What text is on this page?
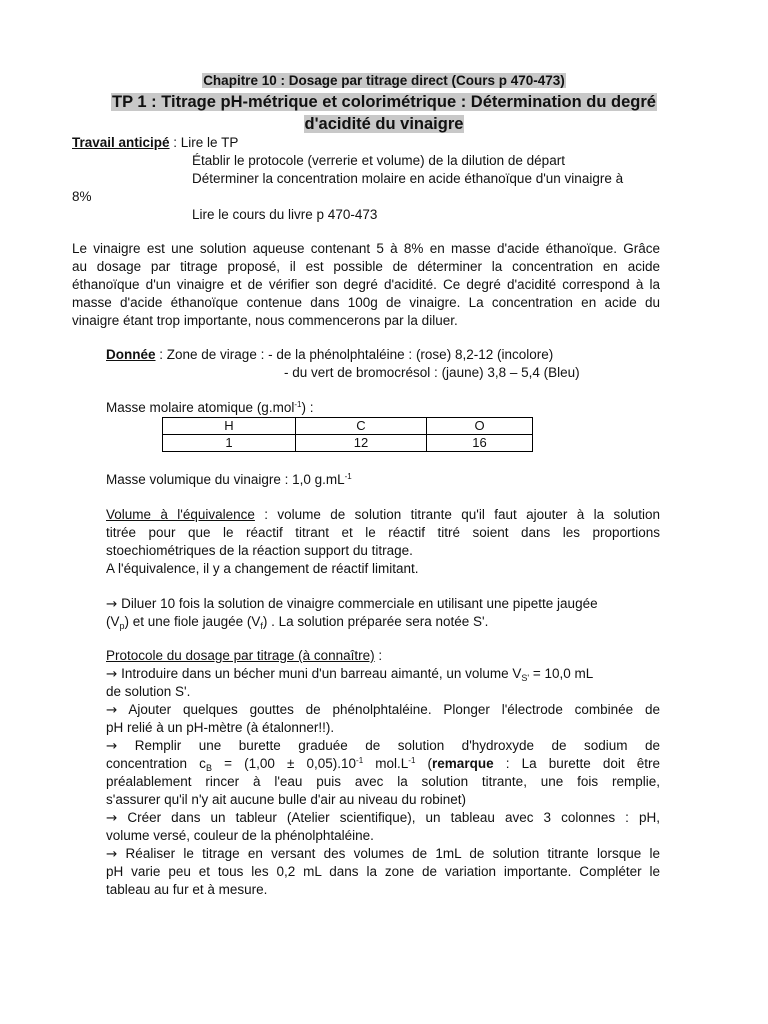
Chapitre 10 : Dosage par titrage direct (Cours p 470-473)
TP 1 : Titrage pH-métrique et colorimétrique : Détermination du degré
d'acidité du vinaigre
Travail anticipé : Lire le TP
Établir le protocole (verrerie et volume) de la dilution de départ
Déterminer la concentration molaire en acide éthanoïque d'un vinaigre à
8%
Lire le cours du livre p 470-473
Le vinaigre est une solution aqueuse contenant 5 à 8% en masse d'acide éthanoïque. Grâce
au dosage par titrage proposé, il est possible de déterminer la concentration en acide
éthanoïque d'un vinaigre et de vérifier son degré d'acidité. Ce degré d'acidité correspond à la
masse d'acide éthanoïque contenue dans 100g de vinaigre. La concentration en acide du
vinaigre étant trop importante, nous commencerons par la diluer.
Donnée : Zone de virage : - de la phénolphtaléine : (rose) 8,2-12 (incolore)
- du vert de bromocrésol : (jaune) 3,8 – 5,4 (Bleu)
Masse molaire atomique (g.mol$^{-1}$) :
H	C	O
1	12	16
Masse volumique du vinaigre : 1,0 $g.mL^{-1}$
Volume à l'équivalence : volume de solution titrante qu'il faut ajouter à la solution
titrée pour que le réactif titrant et le réactif titré soient dans les proportions
stoechiométriques de la réaction support du titrage.
A l'équivalence, il y a changement de réactif limitant.
→ Diluer 10 fois la solution de vinaigre commerciale en utilisant une pipette jaugée
$(V_p)$ et une fiole jaugée $(V_f)$ . La solution préparée sera notée S'.
Protocole du dosage par titrage (à connaître) :
→ Introduire dans un bécher muni d'un barreau aimanté, un volume $V_{S'} = 10,0$ mL
de solution S'.
→ Ajouter quelques gouttes de phénolphtaléine. Plonger l'électrode combinée de
pH relié à un pH-mètre (à étalonner!!).
→ Remplir une burette graduée de solution d'hydroxyde de sodium de
concentration $c_B = (1,00 \pm 0,05).10^{-1}$ $mol.L^{-1}$ (remarque : La burette doit être
préalablement rincer à l'eau puis avec la solution titrante, une fois remplie,
s'assurer qu'il n'y ait aucune bulle d'air au niveau du robinet)
→ Créer dans un tableur (Atelier scientifique), un tableau avec 3 colonnes : pH,
volume versé, couleur de la phénolphtaléine.
→ Réaliser le titrage en versant des volumes de 1mL de solution titrante lorsque le
pH varie peu et tous les 0,2 mL dans la zone de variation importante. Compléter le
tableau au fur et à mesure.
